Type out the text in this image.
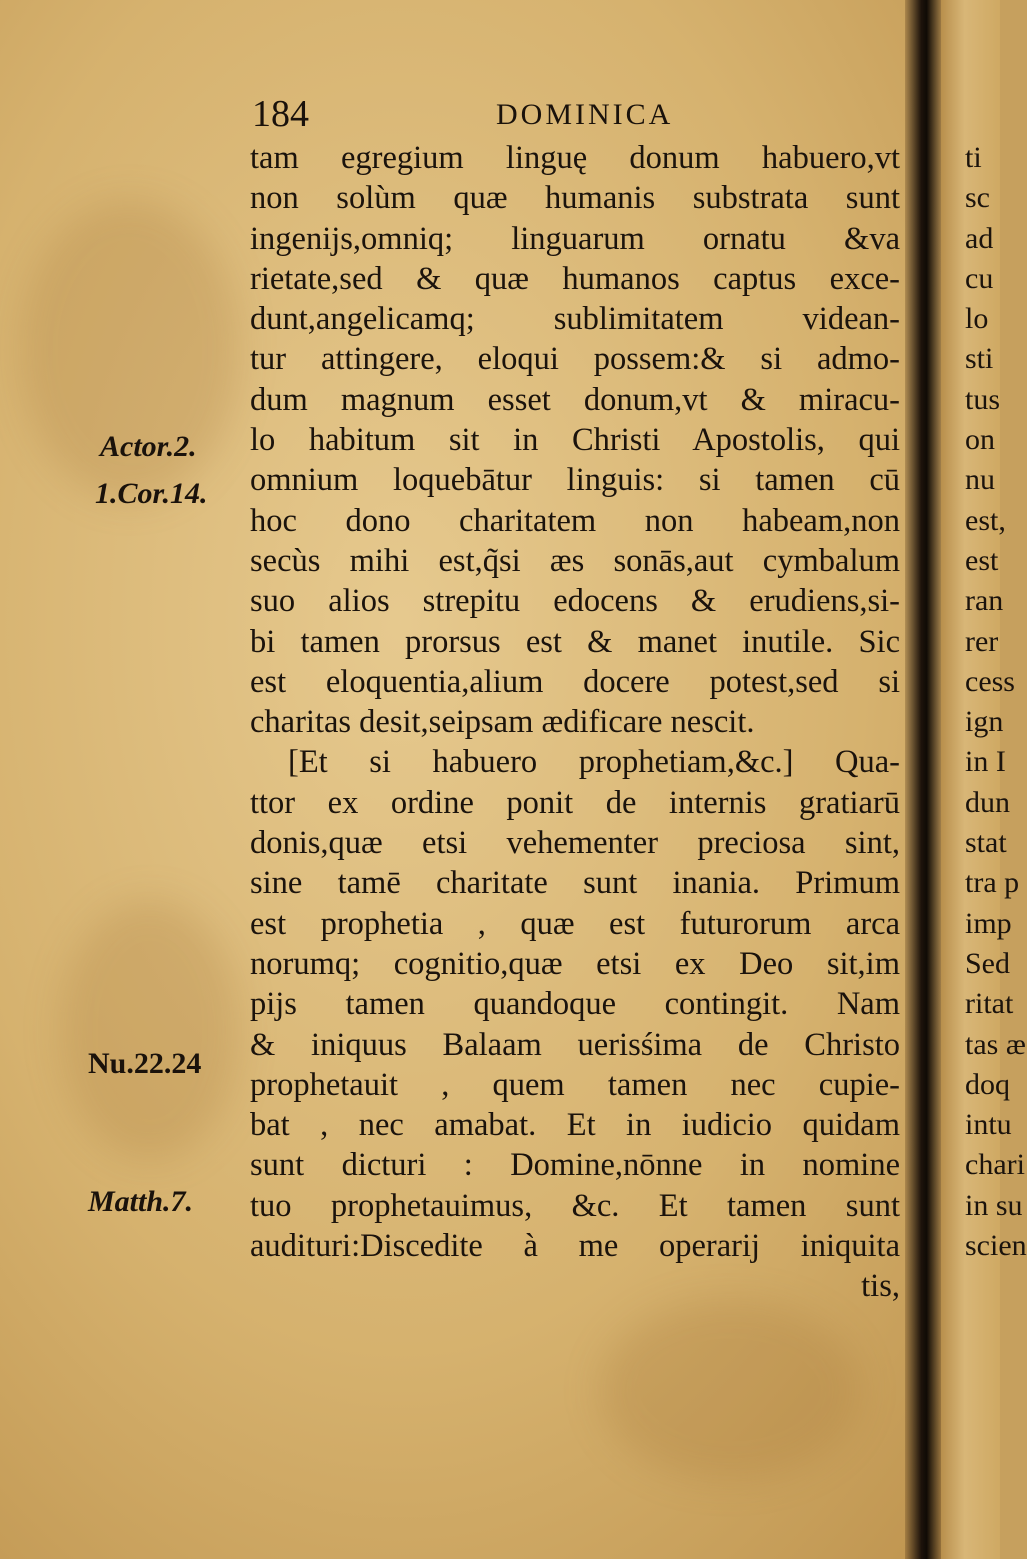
184	DOMINICA
Actor.2.
1.Cor.14.
Nu.22.24
Matth.7.
tam egregium linguę donum habuero,vt
non solùm quæ humanis substrata sunt
ingenijs,omniq; linguarum ornatu &va
rietate,sed & quæ humanos captus exce-
dunt,angelicamq; sublimitatem videan-
tur attingere, eloqui possem:& si admo-
dum magnum esset donum,vt & miracu-
lo habitum sit in Christi Apostolis, qui
omnium loquebātur linguis: si tamen cū
hoc dono charitatem non habeam,non
secùs mihi est,q̃si æs sonās,aut cymbalum
suo alios strepitu edocens & erudiens,si-
bi tamen prorsus est & manet inutile. Sic
est eloquentia,alium docere potest,sed si
charitas desit,seipsam ædificare nescit.
[Et si habuero prophetiam,&c.] Qua-
ttor ex ordine ponit de internis gratiarū
donis,quæ etsi vehementer preciosa sint,
sine tamē charitate sunt inania. Primum
est prophetia , quæ est futurorum arca
norumq; cognitio,quæ etsi ex Deo sit,im
pijs tamen quandoque contingit. Nam
& iniquus Balaam uerisśima de Christo
prophetauit , quem tamen nec cupie-
bat , nec amabat. Et in iudicio quidam
sunt dicturi : Domine,nōnne in nomine
tuo prophetauimus, &c. Et tamen sunt
audituri:Discedite à me operarij iniquita
tis,
ti
sc
ad
cu
lo
sti
tus
on
nu
est,
est
ran
rer
cess
ign
in I
dun
stat
tra p
imp
Sed
ritat
tas æ
doq
intu
chari
in su
scien
